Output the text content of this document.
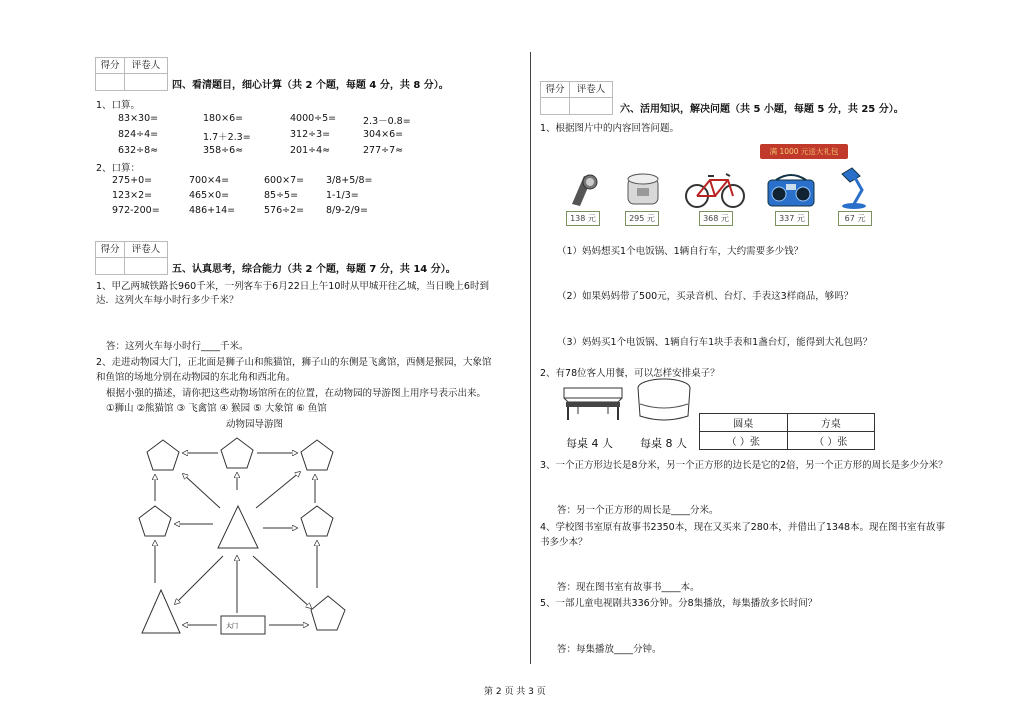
得分	评卷人
四、看清题目，细心计算（共 2 个题，每题 4 分，共 8 分）。
1、口算。
83×30=	180×6=	4000÷5=	2.3－0.8=
824÷4=	1.7＋2.3=	312÷3=	304×6=
632÷8≈	358÷6≈	201÷4≈	277÷7≈
2、口算：
275+0=	700×4=	600×7= 3/8+5/8=
123×2=	465×0=	85÷5=	1-1/3=
972-200=	486+14=	576÷2= 8/9-2/9=
得分	评卷人
五、认真思考，综合能力（共 2 个题，每题 7 分，共 14 分）。
1、甲乙两城铁路长960千米，一列客车于6月22日上午10时从甲城开往乙城，当日晚上6时到
达．这列火车每小时行多少千米？
答：这列火车每小时行____千米。
2、走进动物园大门，正北面是狮子山和熊猫馆，狮子山的东侧是飞禽馆，西侧是猴园，大象馆
和鱼馆的场地分别在动物园的东北角和西北角。
根据小强的描述，请你把这些动物场馆所在的位置，在动物园的导游图上用序号表示出来。
①狮山 ②熊猫馆 ③ 飞禽馆 ④ 猴园 ⑤ 大象馆 ⑥ 鱼馆
动物园导游图
大门
得分	评卷人
六、活用知识，解决问题（共 5 小题，每题 5 分，共 25 分）。
1、根据图片中的内容回答问题。
满 1000 元送大礼包
138 元	295 元	368 元	337 元	67 元
（1）妈妈想买1个电饭锅、1辆自行车，大约需要多少钱？
（2）如果妈妈带了500元，买录音机、台灯、手表这3样商品，够吗？
（3）妈妈买1个电饭锅、1辆自行车1块手表和1盏台灯，能得到大礼包吗？
2、有78位客人用餐，可以怎样安排桌子？
每桌 4 人 每桌 8 人
圆桌	方桌
（ ）张	（ ）张
3、一个正方形边长是8分米，另一个正方形的边长是它的2倍，另一个正方形的周长是多少分米？
答：另一个正方形的周长是____分米。
4、学校图书室原有故事书2350本，现在又买来了280本，并借出了1348本。现在图书室有故事
书多少本？
答：现在图书室有故事书____本。
5、一部儿童电视剧共336分钟。分8集播放，每集播放多长时间？
答：每集播放____分钟。
第 2 页 共 3 页
